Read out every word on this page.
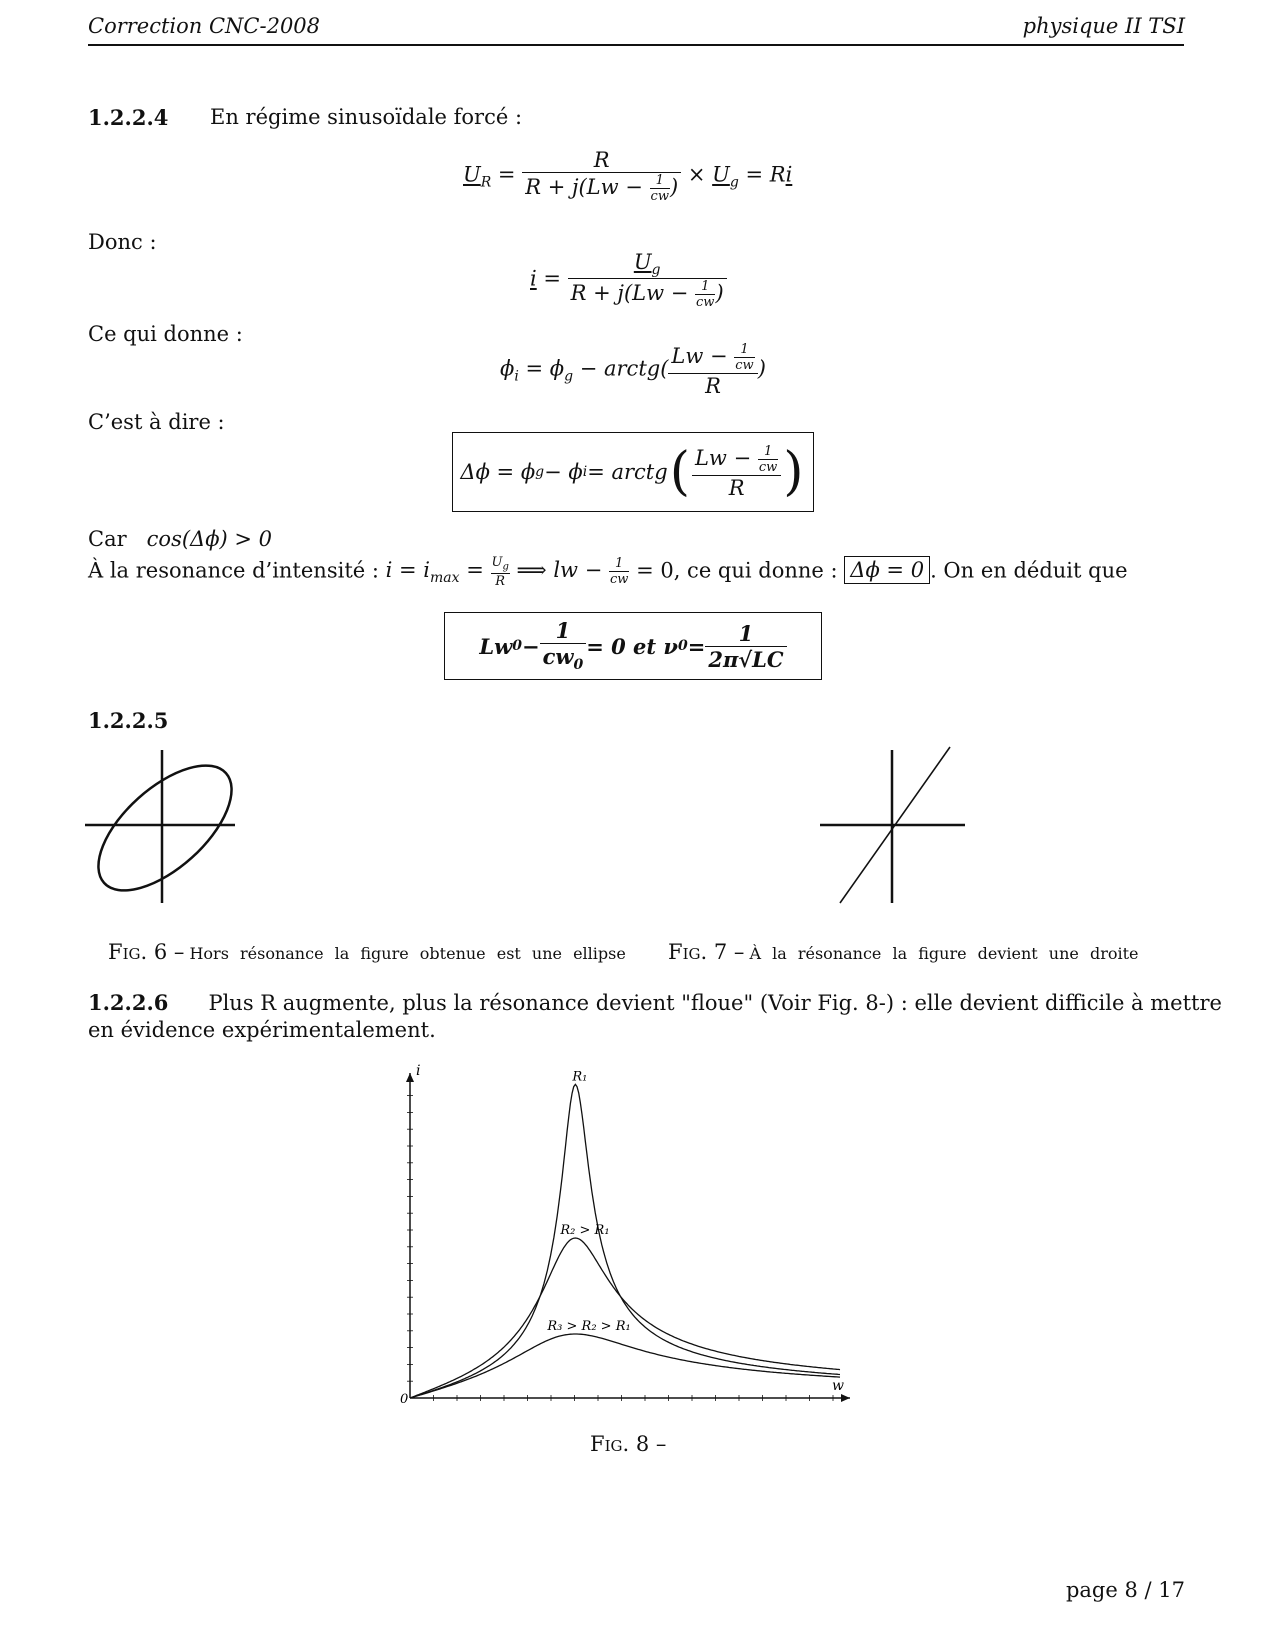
Correction CNC-2008	physique II TSI
1.2.2.4 En régime sinusoïdale forcé :
$U_R = \frac{R}{R + j(Lw - \frac{1}{cw} )} \times U_g = Ri$
Donc :
$i = \frac{U_g}{R + j(Lw - \frac{1}{cw} )}$
Ce qui donne :
$\phi_i = \phi_g$ − arctg( $\frac{Lw - \frac{1}{cw}}{R}$ )
C’est à dire :
Δϕ = ϕ g − ϕ i = arctg ( $\frac{Lw - \frac{1}{cw}}{R}$ )
Car cos(Δϕ) > 0
À la resonance d’intensité : $i = i_{max} = \frac{U_g}{R}$ ⟹ lw − $\frac{1}{cw} = 0$, ce qui donne : Δϕ = 0 . On en déduit que
Lw $0 - \frac{1}{cw_0} = 0$ et ν $0 = \frac{1}{2\pi√LC}$
1.2.2.5
Fig. 6 – Hors résonance la figure obtenue est une ellipse Fig. 7 – À la résonance la figure devient une droite
1.2.2.6 Plus R augmente, plus la résonance devient "floue" (Voir Fig. 8-) : elle devient difficile à mettre
en évidence expérimentalement.
w
i
0
R₁
R₂ > R₁
R₃ > R₂ > R₁
Fig. 8 –
page 8 / 17
